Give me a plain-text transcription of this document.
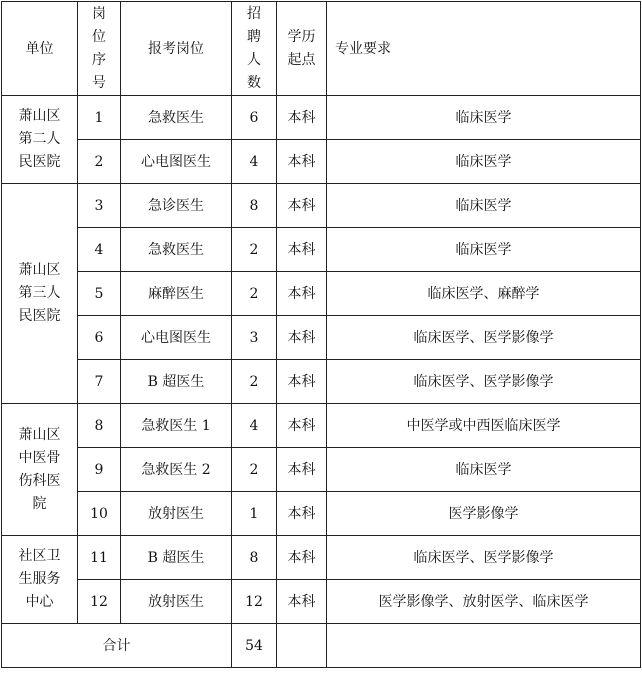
单位	岗
位
序
号	报考岗位	招
聘
人
数	学历
起点	专业要求

萧山区
第二人
民医院	1	急救医生	6	本科	临床医学
	2	心电图医生	4	本科	临床医学

萧山区
第三人
民医院	3	急诊医生	8	本科	临床医学
	4	急救医生	2	本科	临床医学
	5	麻醉医生	2	本科	临床医学、麻醉学
	6	心电图医生	3	本科	临床医学、医学影像学
	7	B 超医生	2	本科	临床医学、医学影像学

萧山区
中医骨
伤科医
院	8	急救医生 1	4	本科	中医学或中西医临床医学
	9	急救医生 2	2	本科	临床医学
	10	放射医生	1	本科	医学影像学

社区卫
生服务
中心	11	B 超医生	8	本科	临床医学、医学影像学
	12	放射医生	12	本科	医学影像学、放射医学、临床医学
合计			54		
